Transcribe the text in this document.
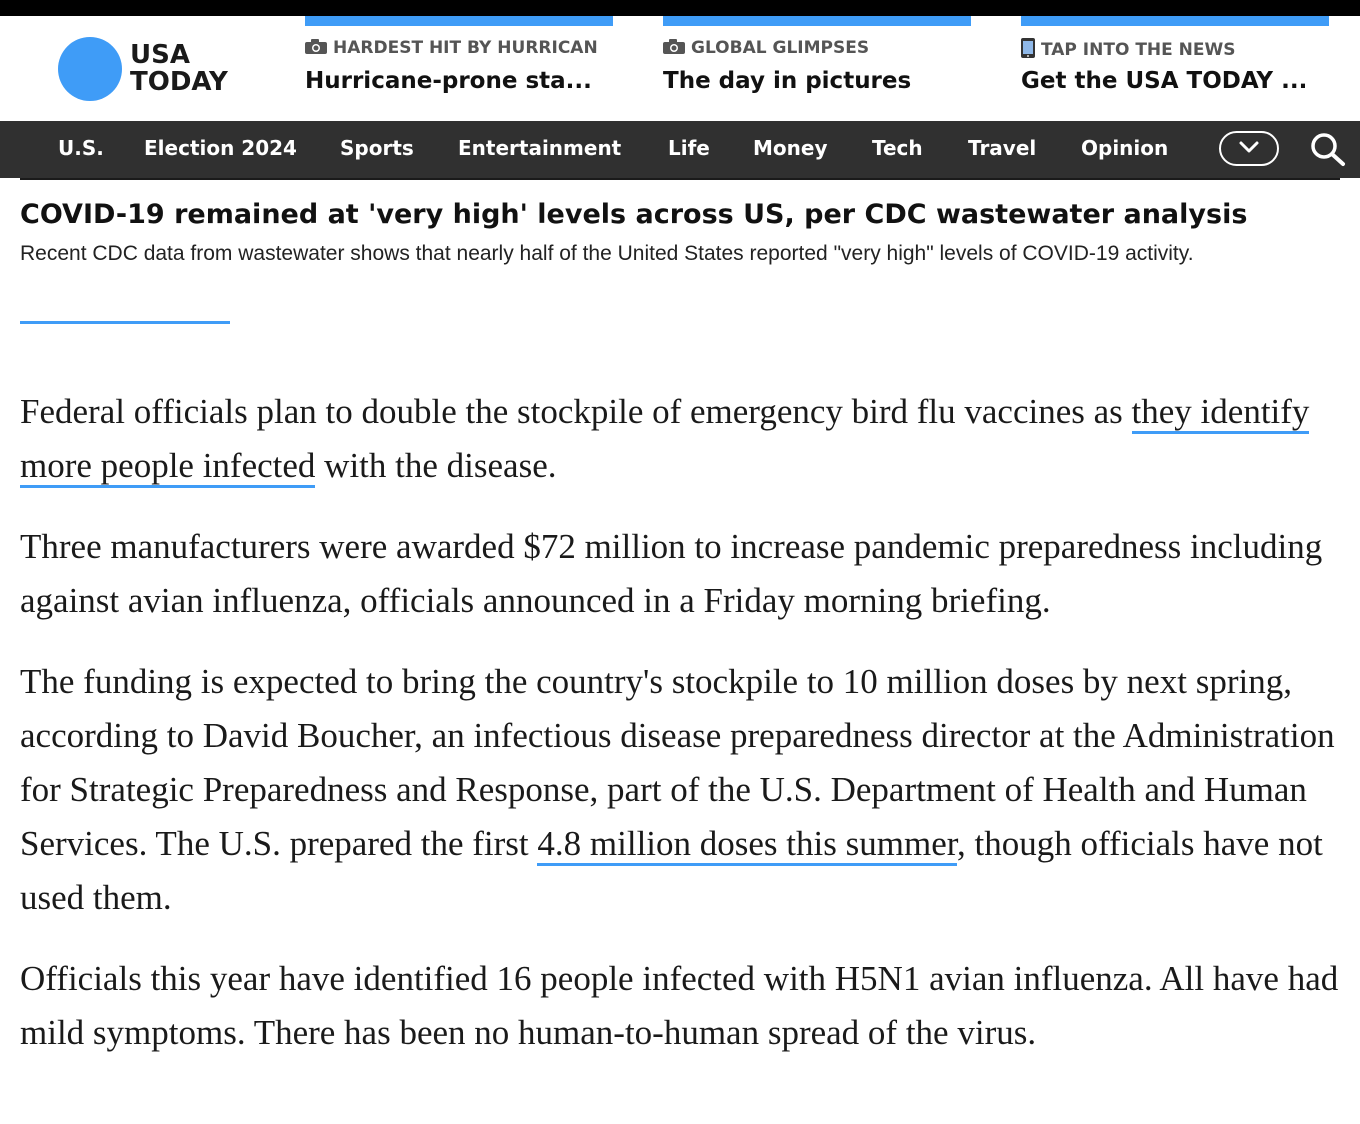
USA
TODAY
HARDEST HIT BY HURRICAN
Hurricane-prone sta...
GLOBAL GLIMPSES
The day in pictures
TAP INTO THE NEWS
Get the USA TODAY ...
U.S. Election 2024 Sports Entertainment Life Money Tech Travel Opinion
COVID-19 remained at 'very high' levels across US, per CDC wastewater analysis
Recent CDC data from wastewater shows that nearly half of the United States reported "very high" levels of COVID-19 activity.

Federal officials plan to double the stockpile of emergency bird flu vaccines as they identify more people infected with the disease.

Three manufacturers were awarded $72 million to increase pandemic preparedness including against avian influenza, officials announced in a Friday morning briefing.

The funding is expected to bring the country's stockpile to 10 million doses by next spring, according to David Boucher, an infectious disease preparedness director at the Administration for Strategic Preparedness and Response, part of the U.S. Department of Health and Human Services. The U.S. prepared the first 4.8 million doses this summer, though officials have not used them.

Officials this year have identified 16 people infected with H5N1 avian influenza. All have had mild symptoms. There has been no human-to-human spread of the virus.
